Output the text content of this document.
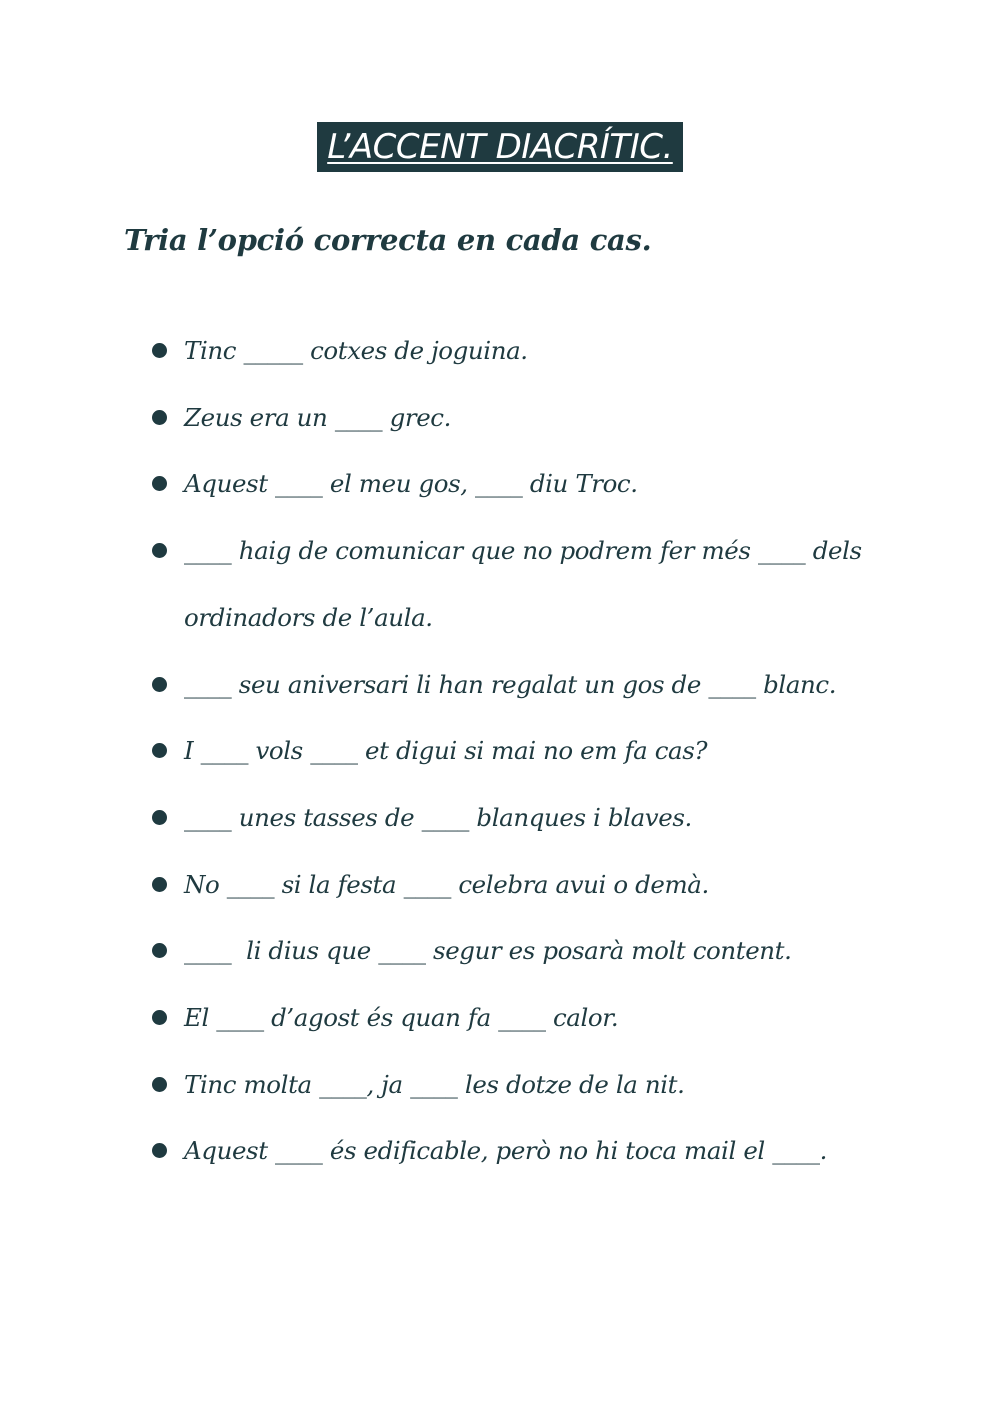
L’ACCENT DIACRÍTIC.
Tria l’opció correcta en cada cas.
Tinc _____ cotxes de joguina.
Zeus era un ____ grec.
Aquest ____ el meu gos, ____ diu Troc.
____ haig de comunicar que no podrem fer més ____ dels ordinadors de l’aula.
____ seu aniversari li han regalat un gos de ____ blanc.
I ____ vols ____ et digui si mai no em fa cas?
____ unes tasses de ____ blanques i blaves.
No ____ si la festa ____ celebra avui o demà.
____  li dius que ____ segur es posarà molt content.
El ____ d’agost és quan fa ____ calor.
Tinc molta ____, ja ____ les dotze de la nit.
Aquest ____ és edificable, però no hi toca mail el ____.
